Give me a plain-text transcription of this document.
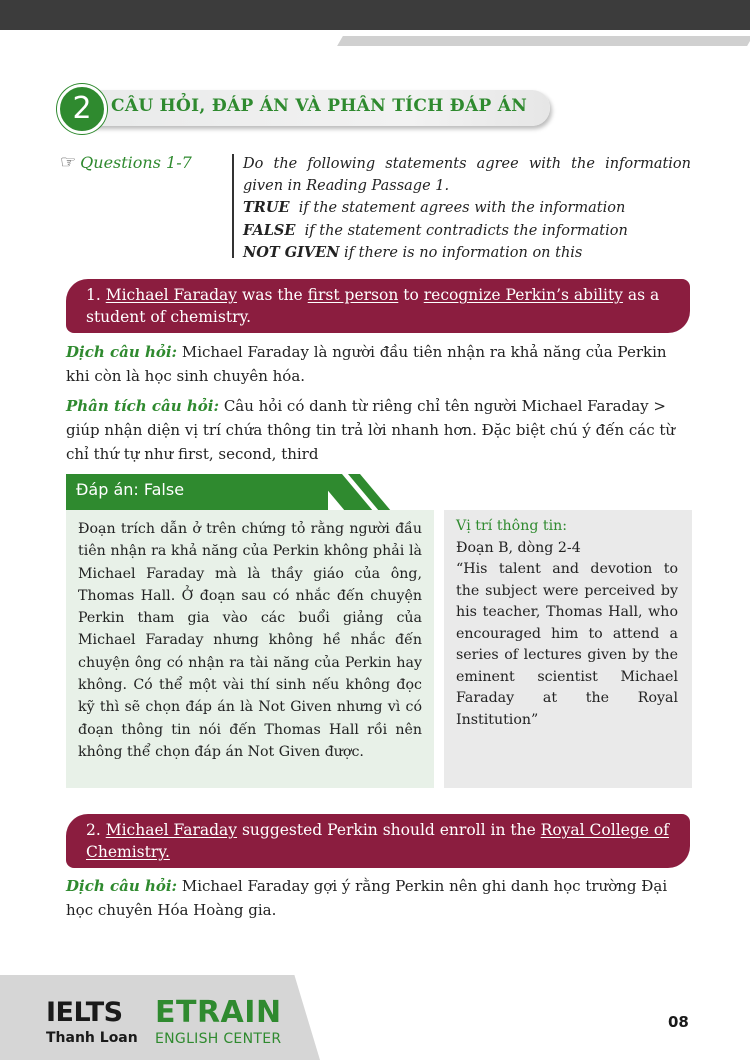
2	CÂU HỎI, ĐÁP ÁN VÀ PHÂN TÍCH ĐÁP ÁN
☞ Questions 1-7	Do the following statements agree with the information

given in Reading Passage 1.

TRUE  if the statement agrees with the information

FALSE  if the statement contradicts the information

NOT GIVEN if there is no information on this

1. Michael Faraday was the first person to recognize Perkin’s ability as a student of chemistry.
Dịch câu hỏi: Michael Faraday là người đầu tiên nhận ra khả năng của Perkin khi còn là học sinh chuyên hóa.
Phân tích câu hỏi: Câu hỏi có danh từ riêng chỉ tên người Michael Faraday > giúp nhận diện vị trí chứa thông tin trả lời nhanh hơn. Đặc biệt chú ý đến các từ chỉ thứ tự như first, second, third
Đáp án: False
Đoạn trích dẫn ở trên chứng tỏ rằng người đầu tiên nhận ra khả năng của Perkin không phải là Michael Faraday mà là thầy giáo của ông, Thomas Hall. Ở đoạn sau có nhắc đến chuyện Perkin tham gia vào các buổi giảng của Michael Faraday nhưng không hề nhắc đến chuyện ông có nhận ra tài năng của Perkin hay không. Có thể một vài thí sinh nếu không đọc kỹ thì sẽ chọn đáp án là Not Given nhưng vì có đoạn thông tin nói đến Thomas Hall rồi nên không thể chọn đáp án Not Given được.

Vị trí thông tin:

Đoạn B, dòng 2-4

“His talent and devotion to the subject were perceived by his teacher, Thomas Hall, who encouraged him to attend a series of lectures given by the eminent scientist Michael Faraday at the Royal Institution”

2. Michael Faraday suggested Perkin should enroll in the Royal College of Chemistry.
Dịch câu hỏi: Michael Faraday gợi ý rằng Perkin nên ghi danh học trường Đại học chuyên Hóa Hoàng gia.
IELTS
Thanh Loan
ETRAIN
ENGLISH CENTER
08
